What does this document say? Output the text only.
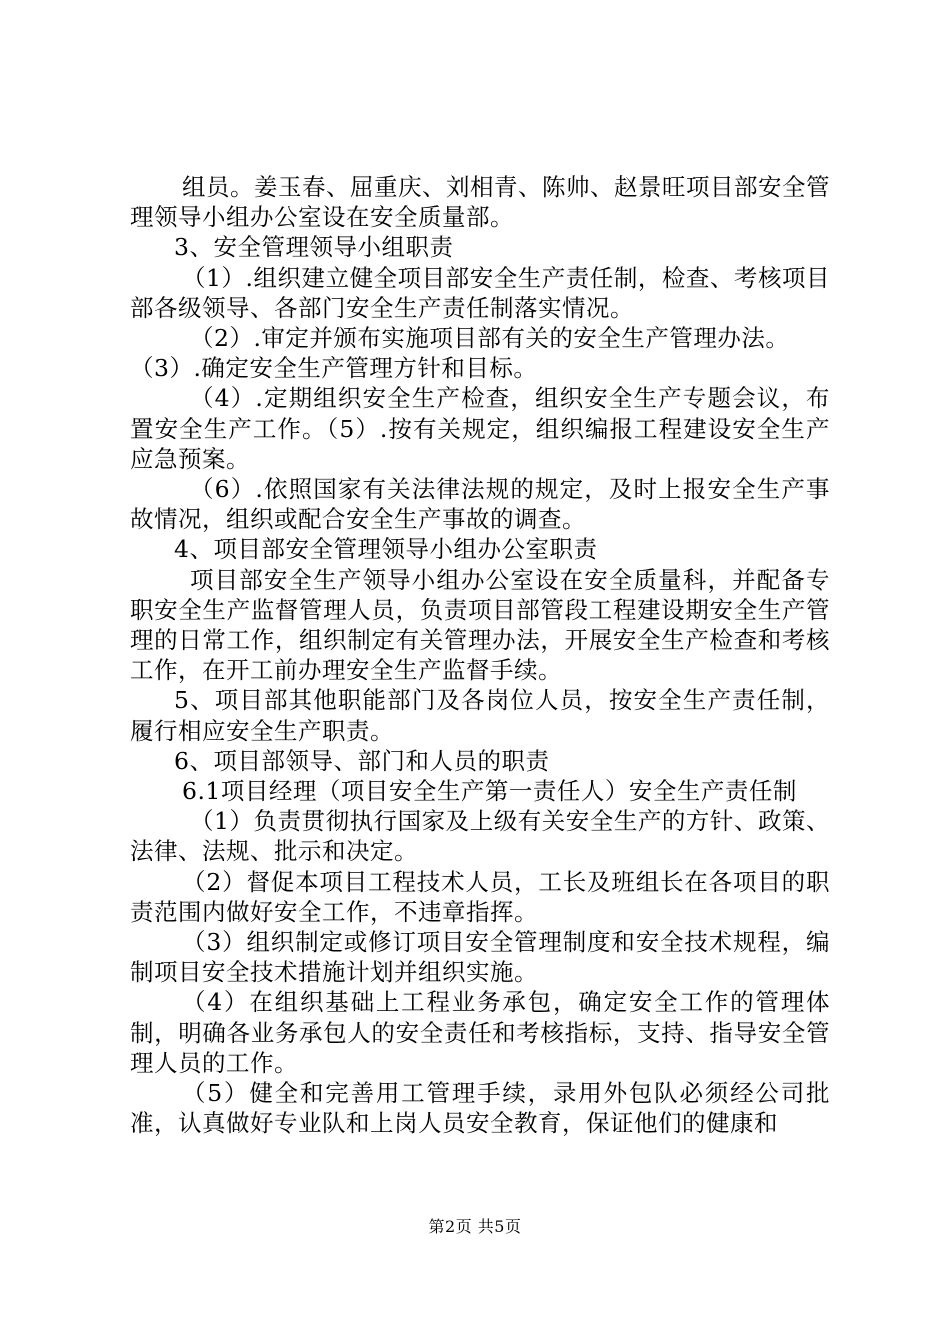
组员。姜玉春、屈重庆、刘相青、陈帅、赵景旺项目部安全管理领导小组办公室设在安全质量部。

3、安全管理领导小组职责

（1）.组织建立健全项目部安全生产责任制，检查、考核项目部各级领导、各部门安全生产责任制落实情况。

（2）.审定并颁布实施项目部有关的安全生产管理办法。

（3）.确定安全生产管理方针和目标。

（4）.定期组织安全生产检查，组织安全生产专题会议，布置安全生产工作。（5）.按有关规定，组织编报工程建设安全生产应急预案。

（6）.依照国家有关法律法规的规定，及时上报安全生产事故情况，组织或配合安全生产事故的调查。

4、项目部安全管理领导小组办公室职责

项目部安全生产领导小组办公室设在安全质量科，并配备专职安全生产监督管理人员，负责项目部管段工程建设期安全生产管理的日常工作，组织制定有关管理办法，开展安全生产检查和考核工作，在开工前办理安全生产监督手续。

5、项目部其他职能部门及各岗位人员，按安全生产责任制，履行相应安全生产职责。

6、项目部领导、部门和人员的职责

6.1项目经理（项目安全生产第一责任人）安全生产责任制

（1）负责贯彻执行国家及上级有关安全生产的方针、政策、法律、法规、批示和决定。

（2）督促本项目工程技术人员，工长及班组长在各项目的职责范围内做好安全工作，不违章指挥。

（3）组织制定或修订项目安全管理制度和安全技术规程，编制项目安全技术措施计划并组织实施。

（4）在组织基础上工程业务承包，确定安全工作的管理体制，明确各业务承包人的安全责任和考核指标，支持、指导安全管理人员的工作。

（5）健全和完善用工管理手续，录用外包队必须经公司批准，认真做好专业队和上岗人员安全教育，保证他们的健康和

第2页 共5页
